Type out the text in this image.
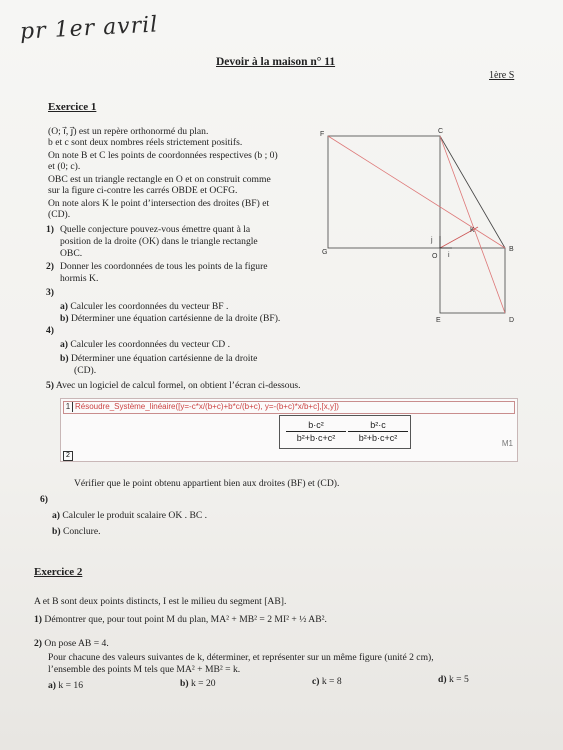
pr 1er avril
Devoir à la maison n° 11
1ère S
Exercice 1
(O; i⃗, j⃗) est un repère orthonormé du plan.
b et c sont deux nombres réels strictement positifs.
On note B et C les points de coordonnées respectives (b ; 0)
et (0; c).
OBC est un triangle rectangle en O et on construit comme
sur la figure ci-contre les carrés OBDE et OCFG.
On note alors K le point d’intersection des droites (BF) et
(CD).
1) Quelle conjecture pouvez-vous émettre quant à la
position de la droite (OK) dans le triangle rectangle
OBC.
2) Donner les coordonnées de tous les points de la figure
hormis K.
3)
a) Calculer les coordonnées du vecteur BF .
b) Déterminer une équation cartésienne de la droite (BF).
4)
a) Calculer les coordonnées du vecteur CD .
b) Déterminer une équation cartésienne de la droite
(CD).
5) Avec un logiciel de calcul formel, on obtient l’écran ci-dessous.
1 Résoudre_Système_linéaire([y=-c*x/(b+c)+b*c/(b+c), y=-(b+c)*x/b+c],[x,y])
b·c²
b²+b·c+c²
b²·c
b²+b·c+c²
M1
2
Vérifier que le point obtenu appartient bien aux droites (BF) et (CD).
6)
a) Calculer le produit scalaire OK . BC .
b) Conclure.
Exercice 2
A et B sont deux points distincts, I est le milieu du segment [AB].
1) Démontrer que, pour tout point M du plan, MA² + MB² = 2 MI² + ½ AB².
2) On pose AB = 4.
Pour chacune des valeurs suivantes de k, déterminer, et représenter sur un même figure (unité 2 cm),
l’ensemble des points M tels que MA² + MB² = k.
a) k = 16	b) k = 20	c) k = 8	d) k = 5
F	C
B
G
O
E	D
K
i
j
